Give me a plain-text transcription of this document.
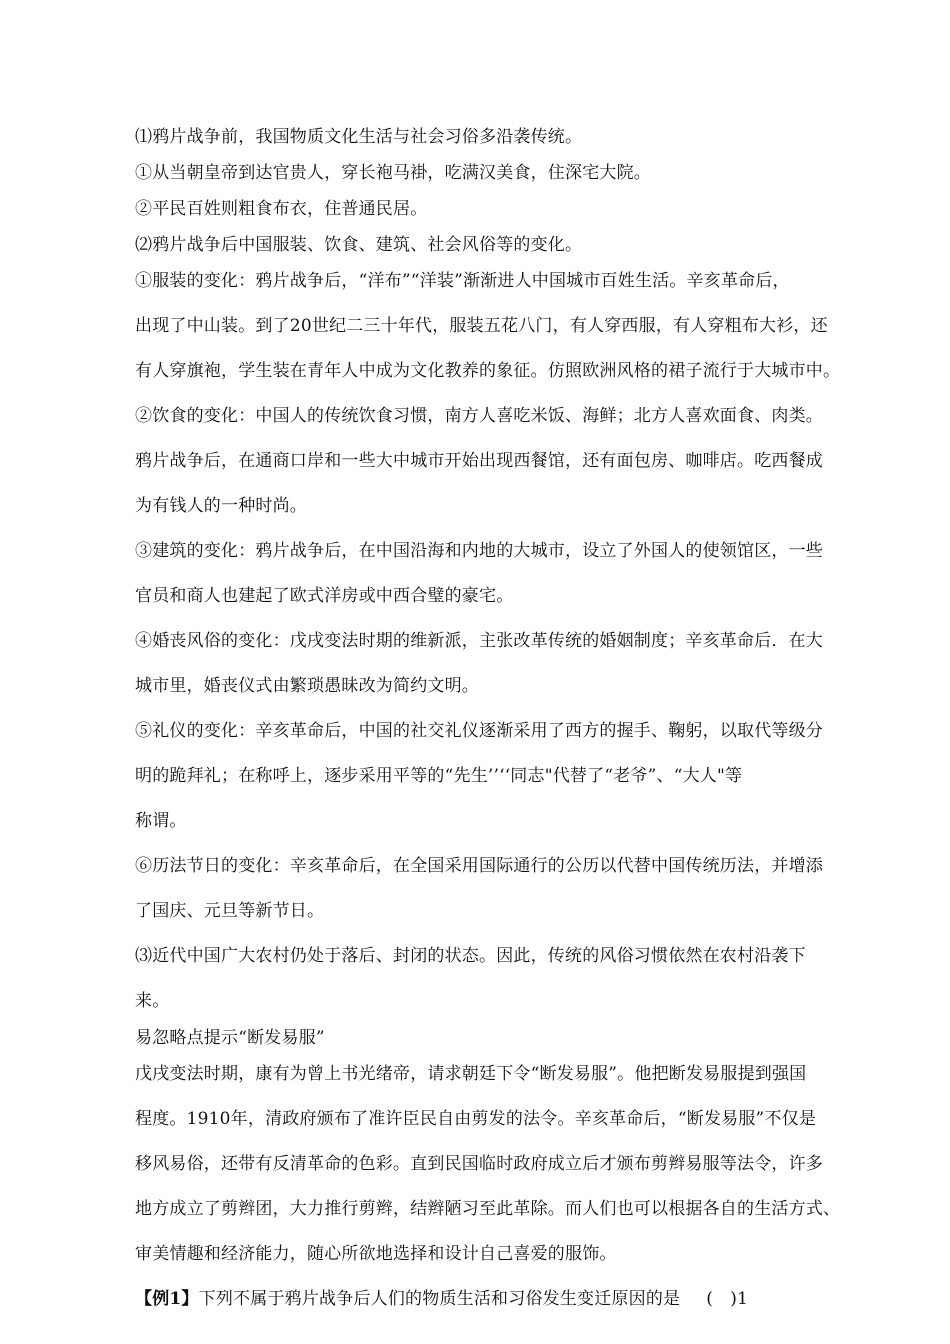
⑴鸦片战争前，我国物质文化生活与社会习俗多沿袭传统。
①从当朝皇帝到达官贵人，穿长袍马褂，吃满汉美食，住深宅大院。
②平民百姓则粗食布衣，住普通民居。
⑵鸦片战争后中国服装、饮食、建筑、社会风俗等的变化。
①服装的变化：鸦片战争后，“洋布”“洋装”渐渐进人中国城市百姓生活。辛亥革命后，
出现了中山装。到了20世纪二三十年代，服装五花八门，有人穿西服，有人穿粗布大衫，还
有人穿旗袍，学生装在青年人中成为文化教养的象征。仿照欧洲风格的裙子流行于大城市中。
②饮食的变化：中国人的传统饮食习惯，南方人喜吃米饭、海鲜；北方人喜欢面食、肉类。
鸦片战争后，在通商口岸和一些大中城市开始出现西餐馆，还有面包房、咖啡店。吃西餐成
为有钱人的一种时尚。
③建筑的变化：鸦片战争后，在中国沿海和内地的大城市，设立了外国人的使领馆区，一些
官员和商人也建起了欧式洋房或中西合璧的豪宅。
④婚丧风俗的变化：戊戌变法时期的维新派，主张改革传统的婚姻制度；辛亥革命后．在大
城市里，婚丧仪式由繁琐愚昧改为简约文明。
⑤礼仪的变化：辛亥革命后，中国的社交礼仪逐渐采用了西方的握手、鞠躬，以取代等级分
明的跪拜礼；在称呼上，逐步采用平等的“先生’’‘‘同志"代替了“老爷”、“大人"等
称谓。
⑥历法节日的变化：辛亥革命后，在全国采用国际通行的公历以代替中国传统历法，并增添
了国庆、元旦等新节日。
⑶近代中国广大农村仍处于落后、封闭的状态。因此，传统的风俗习惯依然在农村沿袭下
来。
易忽略点提示“断发易服”
戊戌变法时期，康有为曾上书光绪帝，请求朝廷下令“断发易服”。他把断发易服提到强国
程度。1910年，清政府颁布了准许臣民自由剪发的法令。辛亥革命后，“断发易服”不仅是
移风易俗，还带有反清革命的色彩。直到民国临时政府成立后才颁布剪辫易服等法令，许多
地方成立了剪辫团，大力推行剪辫，结辫陋习至此革除。而人们也可以根据各自的生活方式、
审美情趣和经济能力，随心所欲地选择和设计自己喜爱的服饰。
【例1】下列不属于鸦片战争后人们的物质生活和习俗发生变迁原因的是 (　)1
